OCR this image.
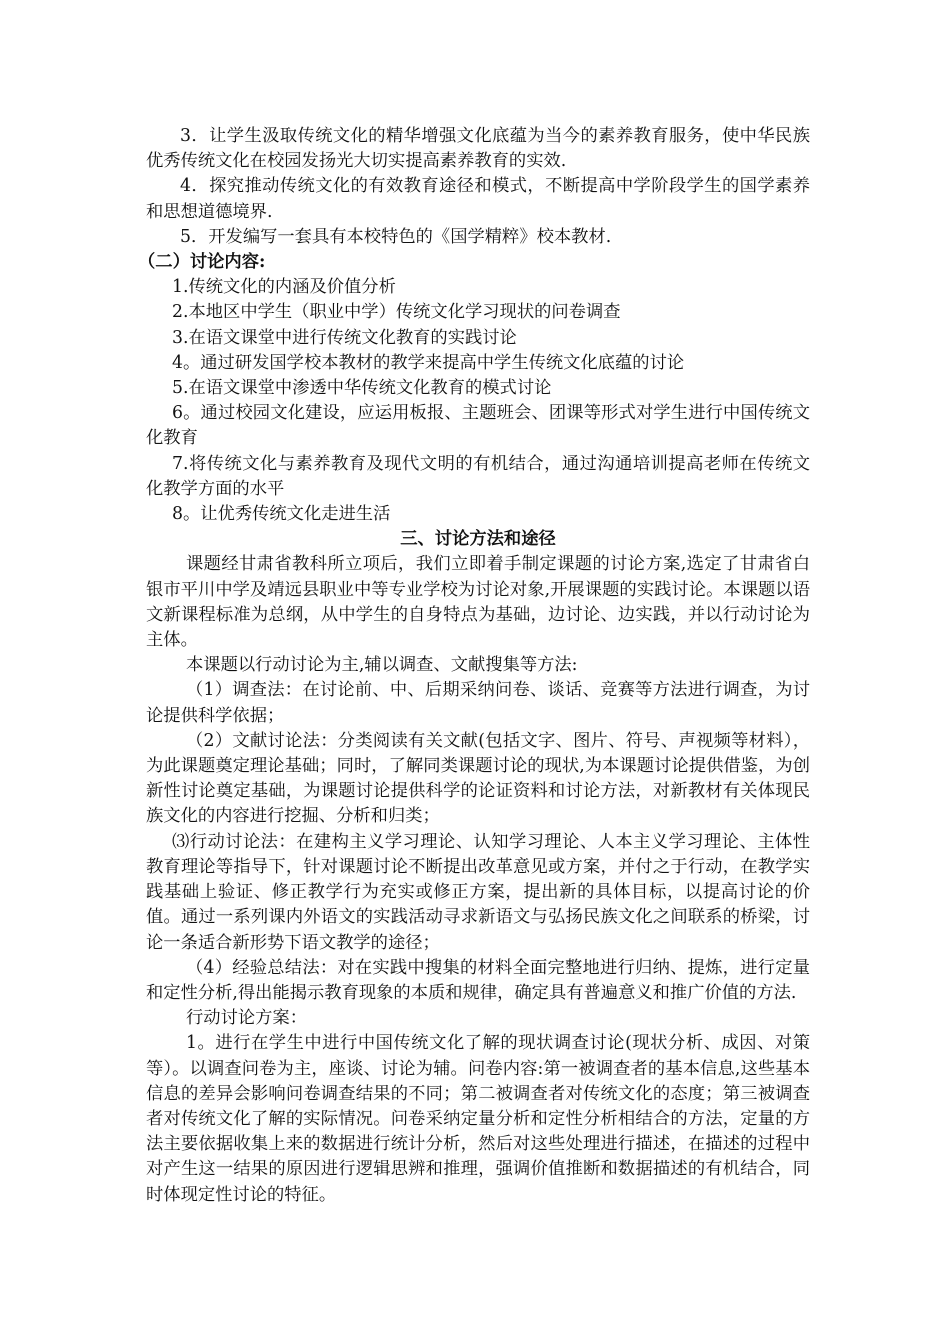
3．让学生汲取传统文化的精华增强文化底蕴为当今的素养教育服务，使中华民族优秀传统文化在校园发扬光大切实提高素养教育的实效.

4．探究推动传统文化的有效教育途径和模式，不断提高中学阶段学生的国学素养和思想道德境界.

5．开发编写一套具有本校特色的《国学精粹》校本教材.

（二）讨论内容:

1.传统文化的内涵及价值分析

2.本地区中学生（职业中学）传统文化学习现状的问卷调查

3.在语文课堂中进行传统文化教育的实践讨论

4。通过研发国学校本教材的教学来提高中学生传统文化底蕴的讨论

5.在语文课堂中渗透中华传统文化教育的模式讨论

6。通过校园文化建设，应运用板报、主题班会、团课等形式对学生进行中国传统文化教育

7.将传统文化与素养教育及现代文明的有机结合，通过沟通培训提高老师在传统文化教学方面的水平

8。让优秀传统文化走进生活

三、讨论方法和途径

课题经甘肃省教科所立项后，我们立即着手制定课题的讨论方案,选定了甘肃省白银市平川中学及靖远县职业中等专业学校为讨论对象,开展课题的实践讨论。本课题以语文新课程标准为总纲，从中学生的自身特点为基础，边讨论、边实践，并以行动讨论为主体。

本课题以行动讨论为主,辅以调查、文献搜集等方法:

（1）调查法：在讨论前、中、后期采纳问卷、谈话、竞赛等方法进行调查，为讨论提供科学依据；

（2）文献讨论法：分类阅读有关文献(包括文字、图片、符号、声视频等材料），为此课题奠定理论基础；同时，了解同类课题讨论的现状,为本课题讨论提供借鉴，为创新性讨论奠定基础，为课题讨论提供科学的论证资料和讨论方法，对新教材有关体现民族文化的内容进行挖掘、分析和归类；

⑶行动讨论法：在建构主义学习理论、认知学习理论、人本主义学习理论、主体性教育理论等指导下，针对课题讨论不断提出改革意见或方案，并付之于行动，在教学实践基础上验证、修正教学行为充实或修正方案，提出新的具体目标，以提高讨论的价值。通过一系列课内外语文的实践活动寻求新语文与弘扬民族文化之间联系的桥梁，讨论一条适合新形势下语文教学的途径；

（4）经验总结法：对在实践中搜集的材料全面完整地进行归纳、提炼，进行定量和定性分析,得出能揭示教育现象的本质和规律，确定具有普遍意义和推广价值的方法.

行动讨论方案：

1。进行在学生中进行中国传统文化了解的现状调查讨论(现状分析、成因、对策等）。以调查问卷为主，座谈、讨论为辅。问卷内容:第一被调查者的基本信息,这些基本信息的差异会影响问卷调查结果的不同；第二被调查者对传统文化的态度；第三被调查者对传统文化了解的实际情况。问卷采纳定量分析和定性分析相结合的方法，定量的方法主要依据收集上来的数据进行统计分析，然后对这些处理进行描述，在描述的过程中对产生这一结果的原因进行逻辑思辨和推理，强调价值推断和数据描述的有机结合，同时体现定性讨论的特征。
